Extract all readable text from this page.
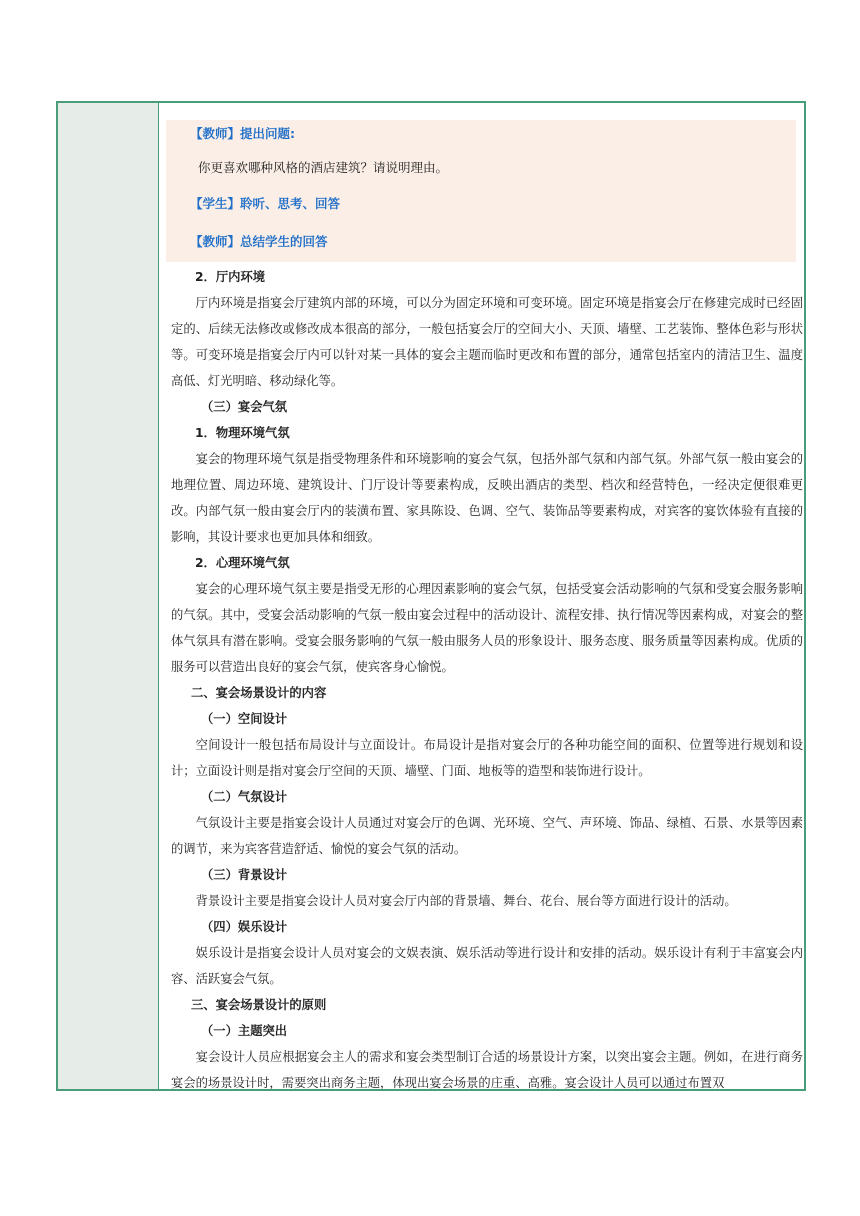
【教师】提出问题:
你更喜欢哪种风格的酒店建筑？请说明理由。
【学生】聆听、思考、回答
【教师】总结学生的回答
2．厅内环境

厅内环境是指宴会厅建筑内部的环境，可以分为固定环境和可变环境。固定环境是指宴会厅在修建完成时已经固定的、后续无法修改或修改成本很高的部分，一般包括宴会厅的空间大小、天顶、墙壁、工艺装饰、整体色彩与形状等。可变环境是指宴会厅内可以针对某一具体的宴会主题而临时更改和布置的部分，通常包括室内的清洁卫生、温度高低、灯光明暗、移动绿化等。

（三）宴会气氛
1．物理环境气氛

宴会的物理环境气氛是指受物理条件和环境影响的宴会气氛，包括外部气氛和内部气氛。外部气氛一般由宴会的地理位置、周边环境、建筑设计、门厅设计等要素构成，反映出酒店的类型、档次和经营特色，一经决定便很难更改。内部气氛一般由宴会厅内的装潢布置、家具陈设、色调、空气、装饰品等要素构成，对宾客的宴饮体验有直接的影响，其设计要求也更加具体和细致。

2．心理环境气氛

宴会的心理环境气氛主要是指受无形的心理因素影响的宴会气氛，包括受宴会活动影响的气氛和受宴会服务影响的气氛。其中，受宴会活动影响的气氛一般由宴会过程中的活动设计、流程安排、执行情况等因素构成，对宴会的整体气氛具有潜在影响。受宴会服务影响的气氛一般由服务人员的形象设计、服务态度、服务质量等因素构成。优质的服务可以营造出良好的宴会气氛，使宾客身心愉悦。

二、宴会场景设计的内容
（一）空间设计

空间设计一般包括布局设计与立面设计。布局设计是指对宴会厅的各种功能空间的面积、位置等进行规划和设计；立面设计则是指对宴会厅空间的天顶、墙壁、门面、地板等的造型和装饰进行设计。

（二）气氛设计

气氛设计主要是指宴会设计人员通过对宴会厅的色调、光环境、空气、声环境、饰品、绿植、石景、水景等因素的调节，来为宾客营造舒适、愉悦的宴会气氛的活动。

（三）背景设计

背景设计主要是指宴会设计人员对宴会厅内部的背景墙、舞台、花台、展台等方面进行设计的活动。

（四）娱乐设计

娱乐设计是指宴会设计人员对宴会的文娱表演、娱乐活动等进行设计和安排的活动。娱乐设计有利于丰富宴会内容、活跃宴会气氛。

三、宴会场景设计的原则
（一）主题突出

宴会设计人员应根据宴会主人的需求和宴会类型制订合适的场景设计方案，以突出宴会主题。例如，在进行商务宴会的场景设计时，需要突出商务主题，体现出宴会场景的庄重、高雅。宴会设计人员可以通过布置双
